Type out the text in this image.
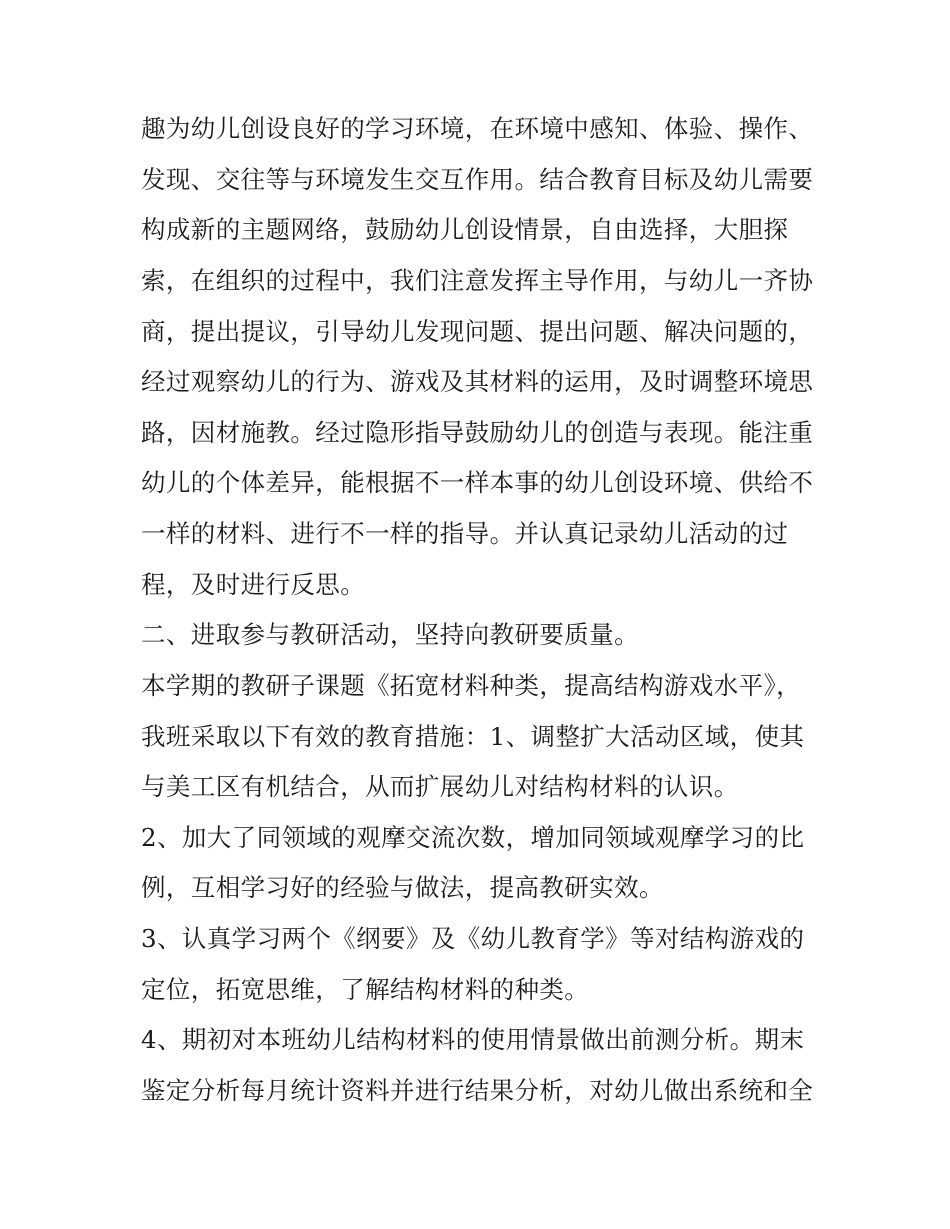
趣为幼儿创设良好的学习环境，在环境中感知、体验、操作、
发现、交往等与环境发生交互作用。结合教育目标及幼儿需要
构成新的主题网络，鼓励幼儿创设情景，自由选择，大胆探
索，在组织的过程中，我们注意发挥主导作用，与幼儿一齐协
商，提出提议，引导幼儿发现问题、提出问题、解决问题的，
经过观察幼儿的行为、游戏及其材料的运用，及时调整环境思
路，因材施教。经过隐形指导鼓励幼儿的创造与表现。能注重
幼儿的个体差异，能根据不一样本事的幼儿创设环境、供给不
一样的材料、进行不一样的指导。并认真记录幼儿活动的过
程，及时进行反思。
二、进取参与教研活动，坚持向教研要质量。
本学期的教研子课题《拓宽材料种类，提高结构游戏水平》，
我班采取以下有效的教育措施：1、调整扩大活动区域，使其
与美工区有机结合，从而扩展幼儿对结构材料的认识。
2、加大了同领域的观摩交流次数，增加同领域观摩学习的比
例，互相学习好的经验与做法，提高教研实效。
3、认真学习两个《纲要》及《幼儿教育学》等对结构游戏的
定位，拓宽思维，了解结构材料的种类。
4、期初对本班幼儿结构材料的使用情景做出前测分析。期末
鉴定分析每月统计资料并进行结果分析，对幼儿做出系统和全
